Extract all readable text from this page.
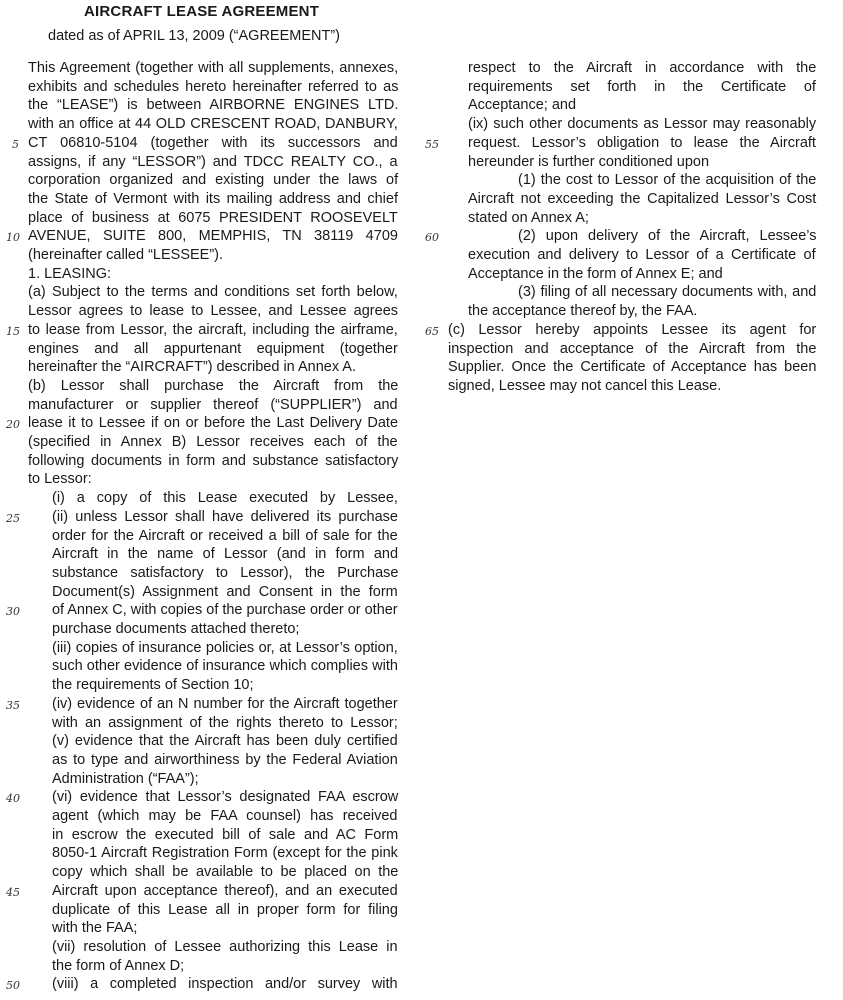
AIRCRAFT LEASE AGREEMENT
dated as of APRIL 13, 2009 (“AGREEMENT”)
This Agreement (together with all supplements, annexes,
exhibits and schedules hereto hereinafter referred to as
the “LEASE”) is between AIRBORNE ENGINES LTD.
with an office at 44 OLD CRESCENT ROAD, DANBURY,
CT 06810-5104 (together with its successors and
assigns, if any “LESSOR”) and TDCC REALTY CO., a
corporation organized and existing under the laws of
the State of Vermont with its mailing address and chief
place of business at 6075 PRESIDENT ROOSEVELT
AVENUE, SUITE 800, MEMPHIS, TN 38119 4709
(hereinafter called “LESSEE”).
1. LEASING:
(a) Subject to the terms and conditions set forth below,
Lessor agrees to lease to Lessee, and Lessee agrees
to lease from Lessor, the aircraft, including the airframe,
engines and all appurtenant equipment (together
hereinafter the “AIRCRAFT”) described in Annex A.
(b) Lessor shall purchase the Aircraft from the
manufacturer or supplier thereof (“SUPPLIER”) and
lease it to Lessee if on or before the Last Delivery Date
(specified in Annex B) Lessor receives each of the
following documents in form and substance satisfactory
to Lessor:
(i) a copy of this Lease executed by Lessee,
(ii) unless Lessor shall have delivered its purchase
order for the Aircraft or received a bill of sale for the
Aircraft in the name of Lessor (and in form and
substance satisfactory to Lessor), the Purchase
Document(s) Assignment and Consent in the form
of Annex C, with copies of the purchase order or other
purchase documents attached thereto;
(iii) copies of insurance policies or, at Lessor’s option,
such other evidence of insurance which complies with
the requirements of Section 10;
(iv) evidence of an N number for the Aircraft together
with an assignment of the rights thereto to Lessor;
(v) evidence that the Aircraft has been duly certified
as to type and airworthiness by the Federal Aviation
Administration (“FAA”);
(vi) evidence that Lessor’s designated FAA escrow
agent (which may be FAA counsel) has received
in escrow the executed bill of sale and AC Form
8050-1 Aircraft Registration Form (except for the pink
copy which shall be available to be placed on the
Aircraft upon acceptance thereof), and an executed
duplicate of this Lease all in proper form for filing
with the FAA;
(vii) resolution of Lessee authorizing this Lease in
the form of Annex D;
(viii) a completed inspection and/or survey with
respect to the Aircraft in accordance with the
requirements set forth in the Certificate of
Acceptance; and
(ix) such other documents as Lessor may reasonably
request. Lessor’s obligation to lease the Aircraft
hereunder is further conditioned upon
(1) the cost to Lessor of the acquisition of the
Aircraft not exceeding the Capitalized Lessor’s Cost
stated on Annex A;
(2) upon delivery of the Aircraft, Lessee’s
execution and delivery to Lessor of a Certificate of
Acceptance in the form of Annex E; and
(3) filing of all necessary documents with, and
the acceptance thereof by, the FAA.
(c) Lessor hereby appoints Lessee its agent for
inspection and acceptance of the Aircraft from the
Supplier. Once the Certificate of Acceptance has been
signed, Lessee may not cancel this Lease.
5
10
15
20
25
30
35
40
45
50
55
60
65
